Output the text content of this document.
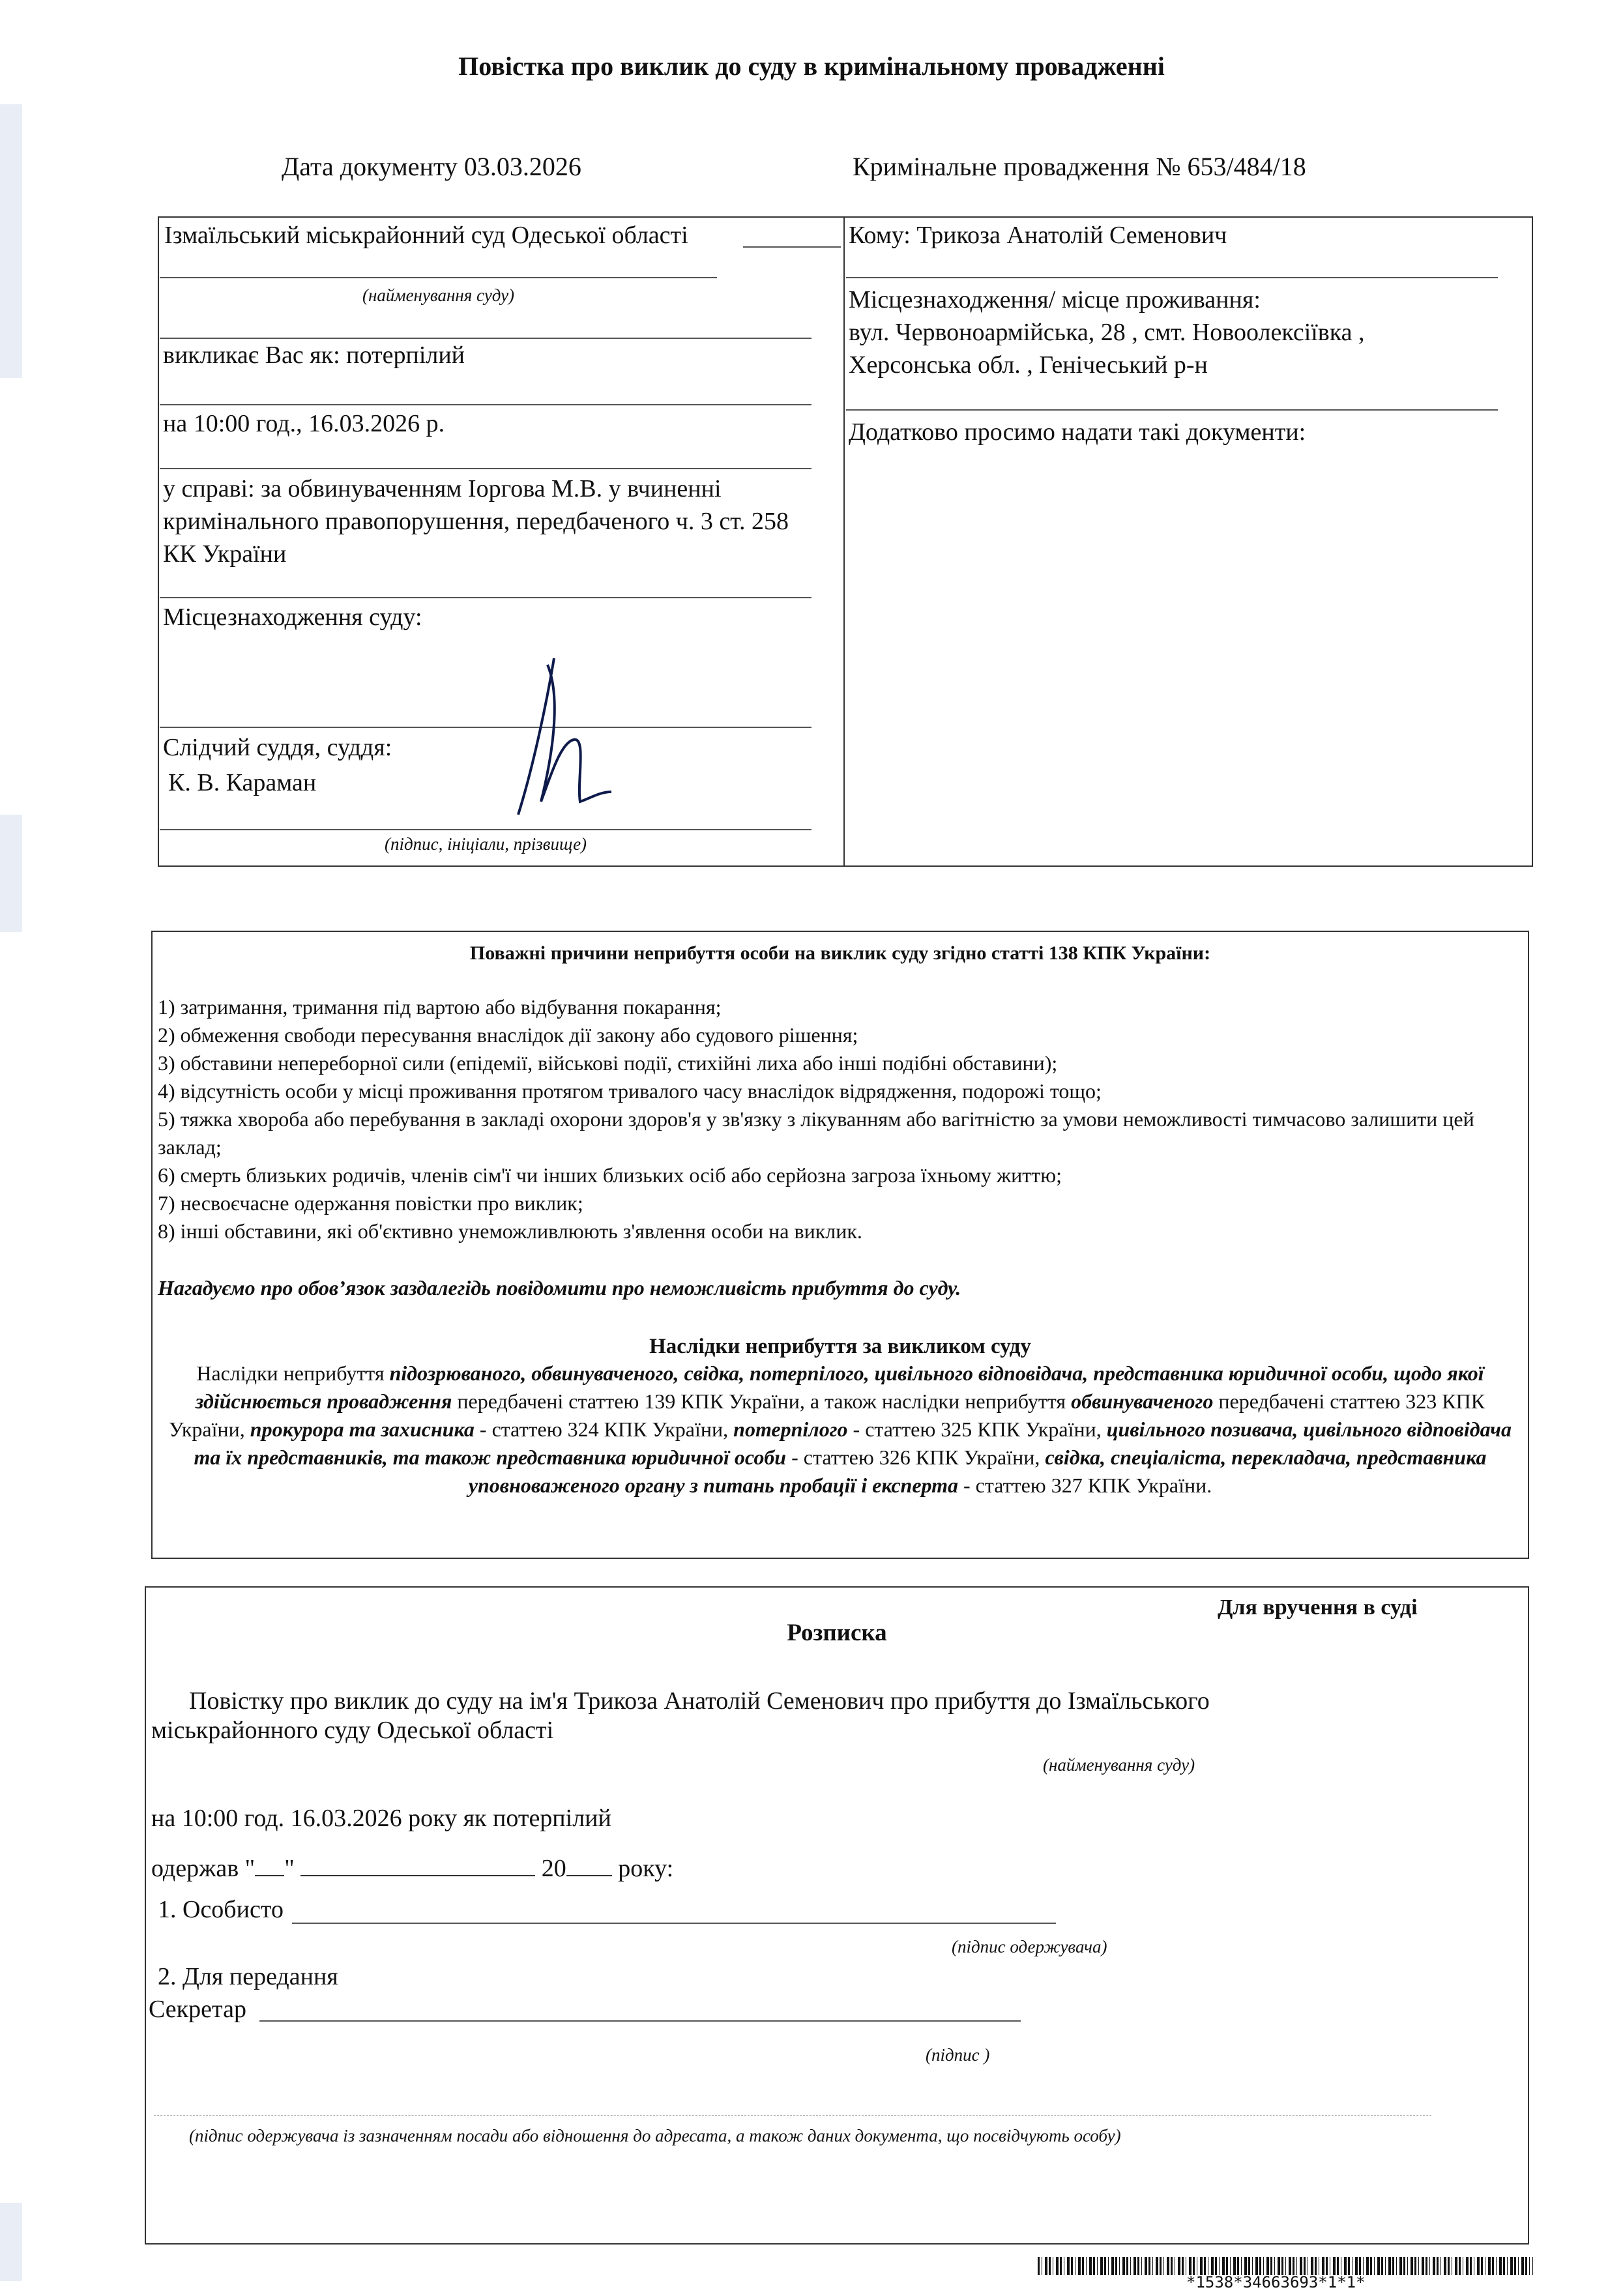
Повістка про виклик до суду в кримінальному провадженні
Дата документу 03.03.2026	Кримінальне провадження № 653/484/18
Ізмаїльський міськрайонний суд Одеської області
(найменування суду)
викликає Вас як: потерпілий
на 10:00 год., 16.03.2026 р.
у справі: за обвинуваченням Іоргова М.В. у вчиненні кримінального правопорушення, передбаченого ч. 3 ст. 258 КК України
Місцезнаходження суду:
Слідчий суддя, суддя:
К. В. Караман
(підпис, ініціали, прізвище)
Кому: Трикоза Анатолій Семенович
Місцезнаходження/ місце проживання:
вул. Червоноармійська, 28 , смт. Новоолексіївка ,
Херсонська обл. , Генічеський р-н
Додатково просимо надати такі документи:
Поважні причини неприбуття особи на виклик суду згідно статті 138 КПК України:
1) затримання, тримання під вартою або відбування покарання;
2) обмеження свободи пересування внаслідок дії закону або судового рішення;
3) обставини непереборної сили (епідемії, військові події, стихійні лиха або інші подібні обставини);
4) відсутність особи у місці проживання протягом тривалого часу внаслідок відрядження, подорожі тощо;
5) тяжка хвороба або перебування в закладі охорони здоров'я у зв'язку з лікуванням або вагітністю за умови неможливості тимчасово залишити цей заклад;
6) смерть близьких родичів, членів сім'ї чи інших близьких осіб або серйозна загроза їхньому життю;
7) несвоєчасне одержання повістки про виклик;
8) інші обставини, які об'єктивно унеможливлюють з'явлення особи на виклик.
Нагадуємо про обов’язок заздалегідь повідомити про неможливість прибуття до суду.
Наслідки неприбуття за викликом суду
Наслідки неприбуття підозрюваного, обвинуваченого, свідка, потерпілого, цивільного відповідача, представника юридичної особи, щодо якої здійснюється провадження передбачені статтею 139 КПК України, а також наслідки неприбуття обвинуваченого передбачені статтею 323 КПК України, прокурора та захисника - статтею 324 КПК України, потерпілого - статтею 325 КПК України, цивільного позивача, цивільного відповідача та їх представників, та також представника юридичної особи - статтею 326 КПК України, свідка, спеціаліста, перекладача, представника уповноваженого органу з питань пробації і експерта - статтею 327 КПК України.
Для вручення в суді
Розписка
Повістку про виклик до суду на ім'я Трикоза Анатолій Семенович про прибуття до Ізмаїльського
міськрайонного суду Одеської області
(найменування суду)
на 10:00 год. 16.03.2026 року як потерпілий
одержав " "	20 року:
1. Особисто
(підпис одержувача)
2. Для передання
Секретар
(підпис )
(підпис одержувача із зазначенням посади або відношення до адресата, а також даних документа, що посвідчують особу)
*1538*34663693*1*1*
